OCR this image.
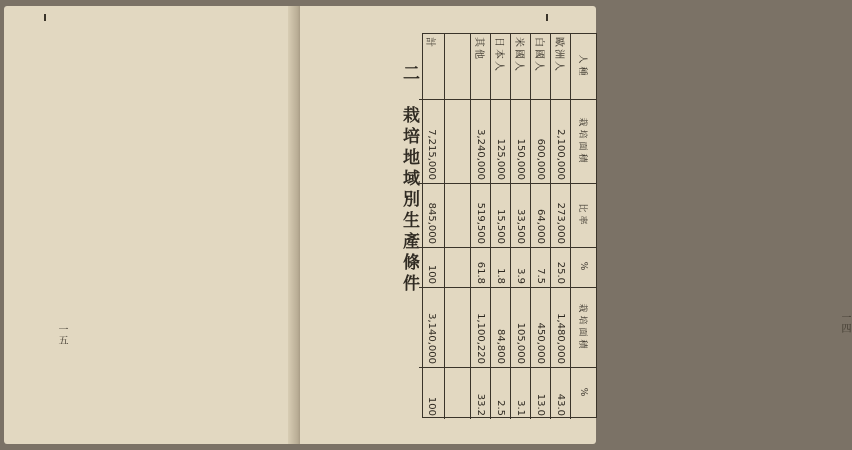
一五
二　栽培地域別生產條件	人種
栽培面積
比率
%
栽培面積
%
歐洲人
2,100,000
273,000
25.0
1,480,000
43.0
白國人
600,000
64,000
7.5
450,000
13.0
米國人
150,000
33,500
3.9
105,000
3.1
日本人
125,000
15,500
1.8
84,800
2.5
其他
3,240,000
519,500
61.8
1,100,220
33.2
計
7,215,000
845,000
100
3,140,000
100
一四
